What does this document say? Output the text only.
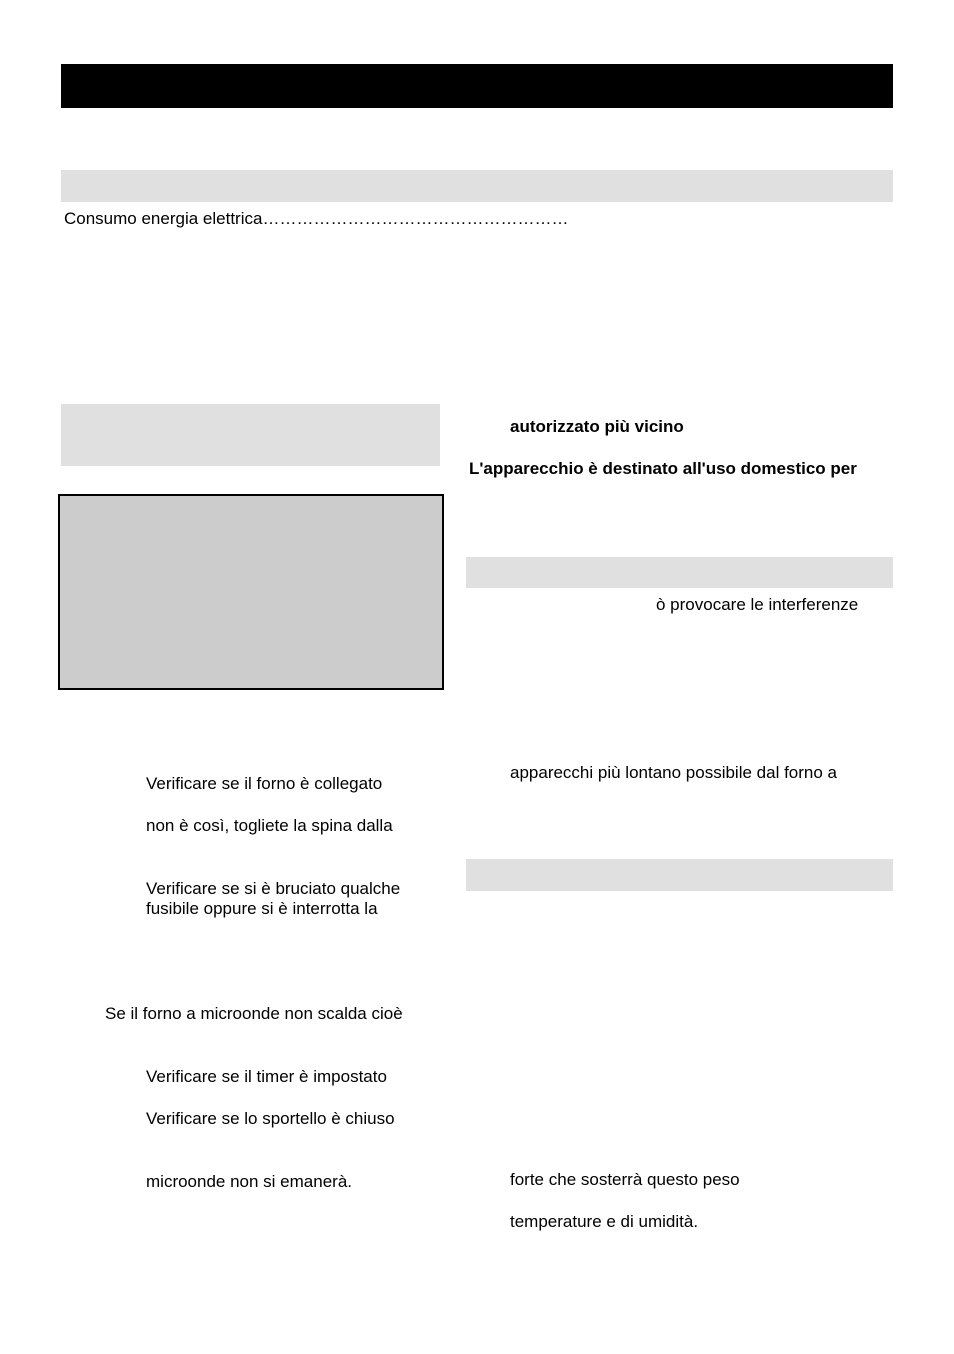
Consumo energia elettrica………………………………………………
autorizzato più vicino
L'apparecchio è destinato all'uso domestico per
ò provocare le interferenze
apparecchi più lontano possibile dal forno a
Verificare se il forno è collegato
non è così, togliete la spina dalla
Verificare se si è bruciato qualche
fusibile oppure si è interrotta la
Se il forno a microonde non scalda cioè
Verificare se il timer è impostato
Verificare se lo sportello è chiuso
microonde non si emanerà.	forte che sosterrà questo peso
temperature e di umidità.
